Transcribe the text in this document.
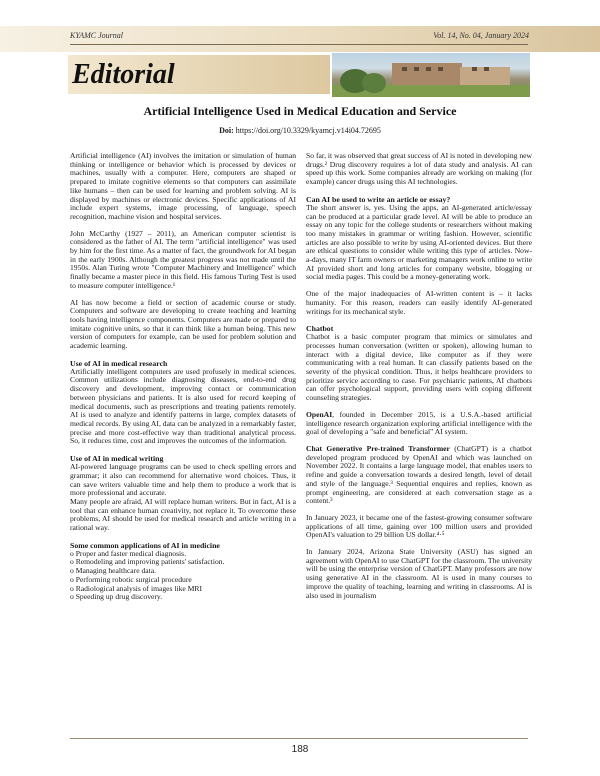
KYAMC Journal	Vol. 14, No. 04, January 2024
Editorial
Artificial Intelligence Used in Medical Education and Service
Doi: https://doi.org/10.3329/kyamcj.v14i04.72695

Artificial intelligence (AI) involves the imitation or simulation of human thinking or intelligence or behavior which is processed by devices or machines, usually with a computer. Here, computers are shaped or prepared to imitate cognitive elements so that computers can assimilate like humans – then can be used for learning and problem solving. AI is displayed by machines or electronic devices. Specific applications of AI include expert systems, image processing, of language, speech recognition, machine vision and hospital services.

John McCarthy (1927 – 2011), an American computer scientist is considered as the father of AI. The term "artificial intelligence" was used by him for the first time. As a matter of fact, the groundwork for AI began in the early 1900s. Although the greatest progress was not made until the 1950s. Alan Turing wrote "Computer Machinery and Intelligence" which finally became a master piece in this field. His famous Turing Test is used to measure computer intelligence.¹

AI has now become a field or section of academic course or study. Computers and software are developing to create teaching and learning tools having intelligence components. Computers are made or prepared to imitate cognitive units, so that it can think like a human being. This new version of computers for example, can be used for problem solution and academic learning.

Use of AI in medical research

Artificially intelligent computers are used profusely in medical sciences. Common utilizations include diagnosing diseases, end-to-end drug discovery and development, improving contact or communication between physicians and patients. It is also used for record keeping of medical documents, such as prescriptions and treating patients remotely. AI is used to analyze and identify patterns in large, complex datasets of medical records. By using AI, data can be analyzed in a remarkably faster, precise and more cost-effective way than traditional analytical process. So, it reduces time, cost and improves the outcomes of the information.

Use of AI in medical writing

AI-powered language programs can be used to check spelling errors and grammar; it also can recommend for alternative word choices. Thus, it can save writers valuable time and help them to produce a work that is more professional and accurate.

Many people are afraid, AI will replace human writers. But in fact, AI is a tool that can enhance human creativity, not replace it. To overcome these problems, AI should be used for medical research and article writing in a rational way.

Some common applications of AI in medicine
o Proper and faster medical diagnosis.
o Remodeling and improving patients' satisfaction.
o Managing healthcare data.
o Performing robotic surgical procedure
o Radiological analysis of images like MRI
o Speeding up drug discovery.

So far, it was observed that great success of AI is noted in developing new drugs.² Drug discovery requires a lot of data study and analysis. AI can speed up this work. Some companies already are working on making (for example) cancer drugs using this AI technologies.

Can AI be used to write an article or essay?

The short answer is, yes. Using the apps, an AI-generated article/essay can be produced at a particular grade level. AI will be able to produce an essay on any topic for the college students or researchers without making too many mistakes in grammar or writing fashion. However, scientific articles are also possible to write by using AI-oriented devices. But there are ethical questions to consider while writing this type of articles. Now-a-days, many IT farm owners or marketing managers work online to write AI provided short and long articles for company website, blogging or social media pages. This could be a money-generating work.

One of the major inadequacies of AI-written content is – it lacks humanity. For this reason, readers can easily identify AI-generated writings for its mechanical style.

Chatbot

Chatbot is a basic computer program that mimics or simulates and processes human conversation (written or spoken), allowing human to interact with a digital device, like computer as if they were communicating with a real human. It can classify patients based on the severity of the physical condition. Thus, it helps healthcare providers to prioritize service according to case. For psychiatric patients, AI chatbots can offer psychological support, providing users with coping different counseling strategies.

OpenAI, founded in December 2015, is a U.S.A.-based artificial intelligence research organization exploring artificial intelligence with the goal of developing a "safe and beneficial" AI system.

Chat Generative Pre-trained Transformer (ChatGPT) is a chatbot developed program produced by OpenAI and which was launched on November 2022. It contains a large language model, that enables users to refine and guide a conversation towards a desired length, level of detail and style of the language.³ Sequential enquires and replies, known as prompt engineering, are considered at each conversation stage as a content.³

In January 2023, it became one of the fastest-growing consumer software applications of all time, gaining over 100 million users and provided OpenAI's valuation to 29 billion US dollar.⁴·⁵

In January 2024, Arizona State University (ASU) has signed an agreement with OpenAI to use ChatGPT for the classroom. The university will be using the enterprise version of ChatGPT. Many professors are now using generative AI in the classroom. AI is used in many courses to improve the quality of teaching, learning and writing in classrooms. AI is also used in journalism

188
